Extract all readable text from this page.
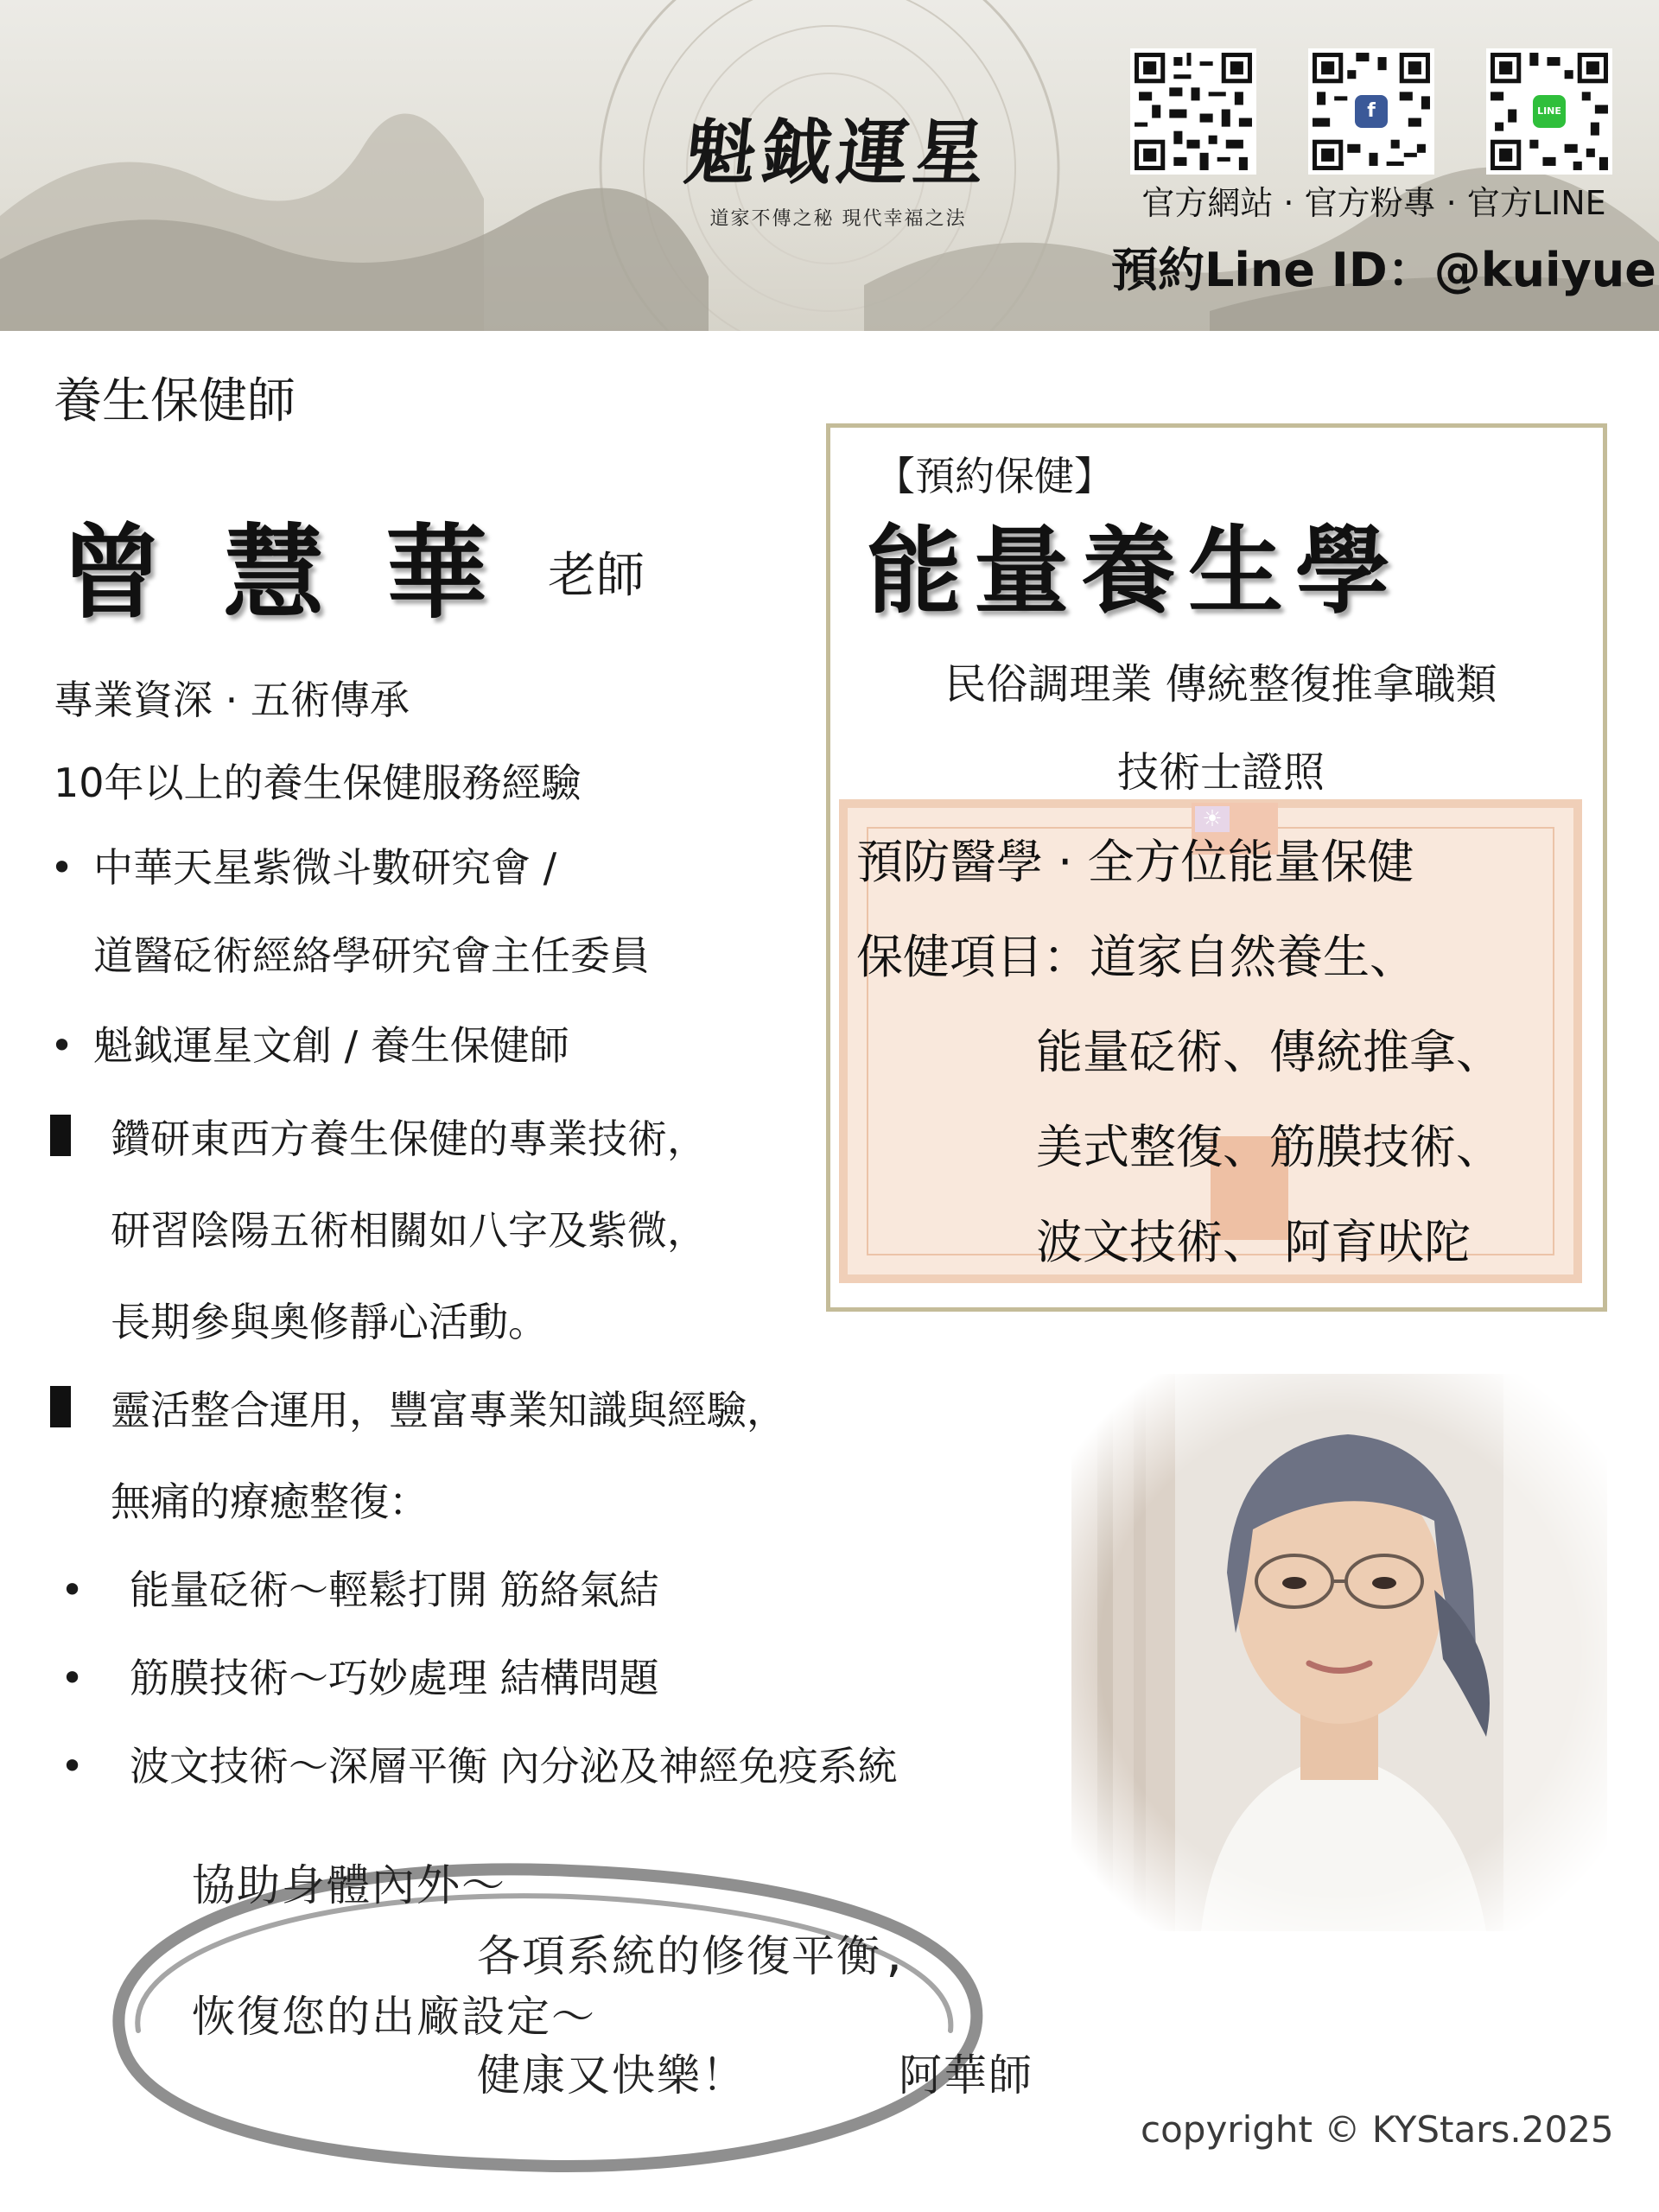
魁鉞運星
道家不傳之秘 現代幸福之法
f	LINE
官方網站 · 官方粉專 · 官方LINE
預約Line ID：@kuiyue
養生保健師
曾慧華 老師
專業資深 · 五術傳承
10年以上的養生保健服務經驗
• 中華天星紫微斗數研究會 /
道醫砭術經絡學研究會主任委員
• 魁鉞運星文創 / 養生保健師
鑽研東西方養生保健的專業技術，
研習陰陽五術相關如八字及紫微，
長期參與奧修靜心活動。
靈活整合運用，豐富專業知識與經驗，
無痛的療癒整復：
• 能量砭術～輕鬆打開 筋絡氣結
• 筋膜技術～巧妙處理 結構問題
• 波文技術～深層平衡 內分泌及神經免疫系統
☀
【預約保健】
能量養生學
民俗調理業 傳統整復推拿職類
技術士證照
預防醫學 · 全方位能量保健
保健項目：道家自然養生、
能量砭術、傳統推拿、
美式整復、筋膜技術、
波文技術、 阿育吠陀
協助身體內外～
各項系統的修復平衡,
恢復您的出廠設定～
健康又快樂！	阿華師
copyright © KYStars.2025
